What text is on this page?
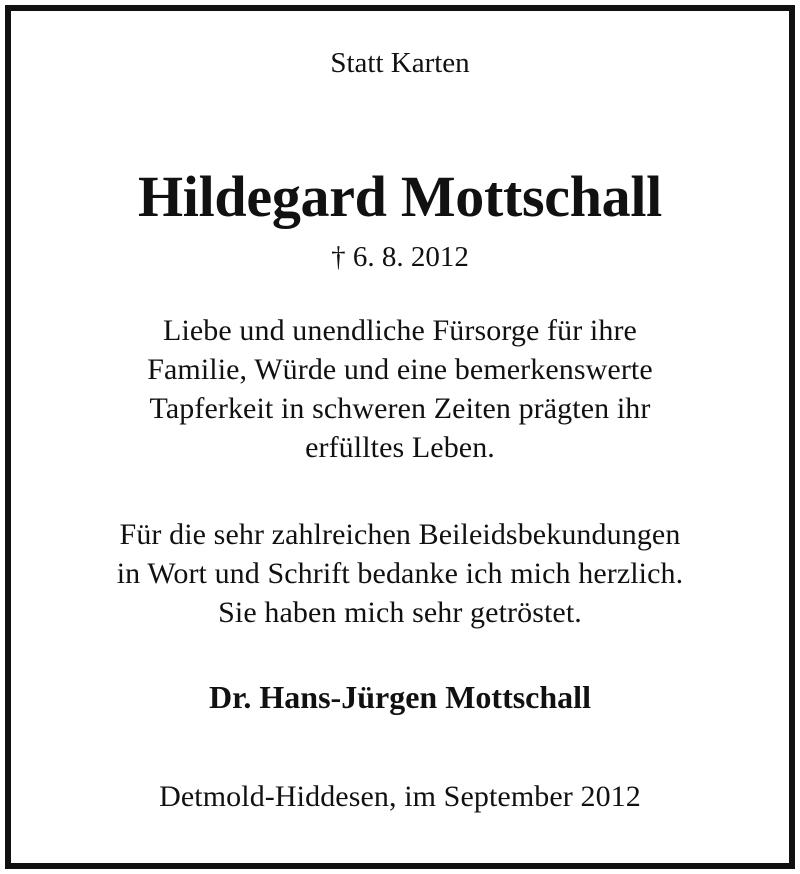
Statt Karten
Hildegard Mottschall
† 6. 8. 2012
Liebe und unendliche Fürsorge für ihre
Familie, Würde und eine bemerkenswerte
Tapferkeit in schweren Zeiten prägten ihr
erfülltes Leben.
Für die sehr zahlreichen Beileidsbekundungen
in Wort und Schrift bedanke ich mich herzlich.
Sie haben mich sehr getröstet.
Dr. Hans-Jürgen Mottschall
Detmold-Hiddesen, im September 2012
